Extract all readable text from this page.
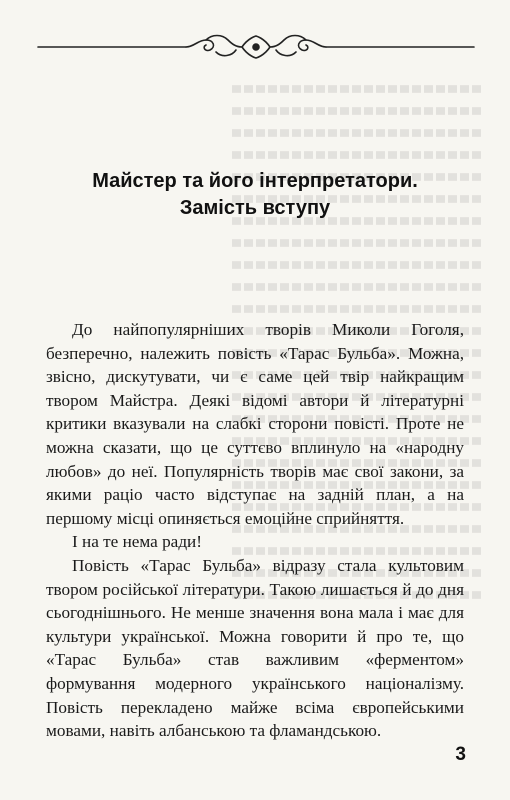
Майстер та його інтерпретатори.
Замість вступу

До найпопулярніших творів Миколи Гоголя, безперечно, належить повість «Тарас Бульба». Можна, звісно, дискутувати, чи є саме цей твір найкращим твором Майстра. Деякі відомі автори й літературні критики вказували на слабкі сторони повісті. Проте не можна сказати, що це суттєво вплинуло на «народну любов» до неї. Популярність творів має свої закони, за якими раціо часто відступає на задній план, а на першому місці опиняється емоційне сприйняття.

І на те нема ради!

Повість «Тарас Бульба» відразу стала культовим твором російської літератури. Такою лишається й до дня сьогоднішнього. Не менше значення вона мала і має для культури української. Можна говорити й про те, що «Тарас Бульба» став важливим «ферментом» формування модерного українського націоналізму. Повість перекладено майже всіма європейськими мовами, навіть албанською та фламандською.

3
